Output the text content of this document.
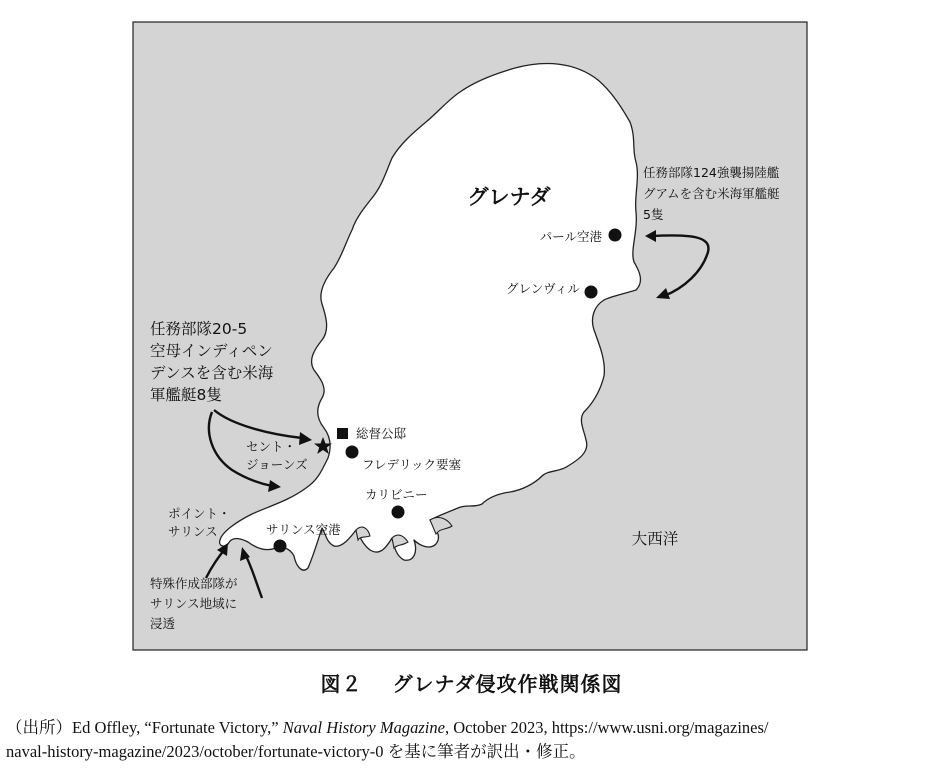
グレナダ
大西洋
パール空港
グレンヴィル
任務部隊124強襲揚陸艦
グアムを含む米海軍艦艇
5隻
任務部隊20-5
空母インディペン
デンスを含む米海
軍艦艇8隻
セント・
ジョーンズ
総督公邸
フレデリック要塞
カリビニー
ポイント・
サリンス	サリンス空港
特殊作成部隊が
サリンス地域に
浸透
図２ グレナダ侵攻作戦関係図
（出所）Ed Offley, “Fortunate Victory,” Naval History Magazine, October 2023, https://www.usni.org/magazines/
naval-history-magazine/2023/october/fortunate-victory-0 を基に筆者が訳出・修正。
